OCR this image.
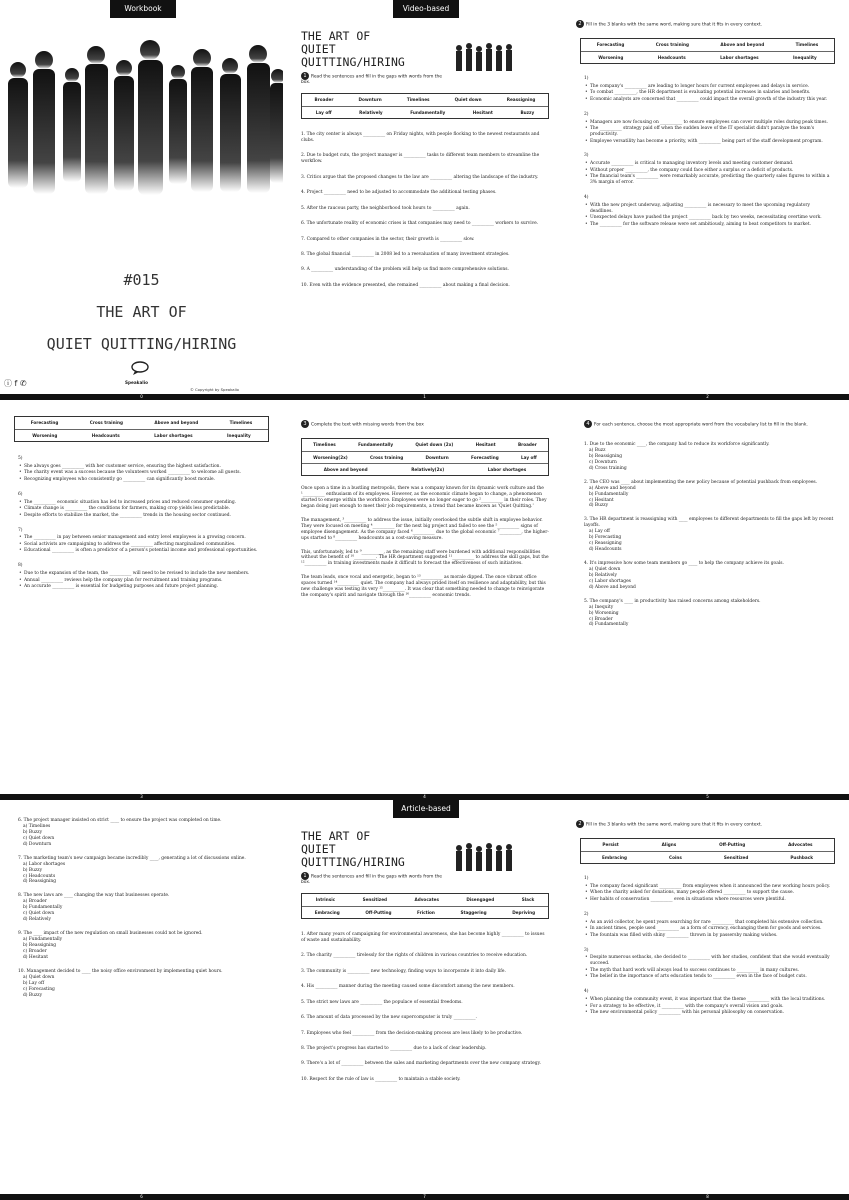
Workbook
#015
THE ART OF
QUIET QUITTING/HIRING
Speakalio
© Copyright by Speakalio
ⓘ f ✆
0
Video-based
THE ART OF QUIET QUITTING/HIRING
1 Read the sentences and fill in the gaps with words from the box.
Broader	Downturn	Timelines	Quiet down	Reassigning
Lay off	Relatively	Fundamentally	Hesitant	Buzzy

1. The city center is always __________ on Friday nights, with people flocking to the newest restaurants and clubs.

2. Due to budget cuts, the project manager is __________ tasks to different team members to streamline the workflow.

3. Critics argue that the proposed changes to the law are __________ altering the landscape of the industry.

4. Project __________ need to be adjusted to accommodate the additional testing phases.

5. After the raucous party, the neighborhood took hours to __________ again.

6. The unfortunate reality of economic crises is that companies may need to __________ workers to survive.

7. Compared to other companies in the sector, their growth is __________ slow.

8. The global financial __________ in 2008 led to a reevaluation of many investment strategies.

9. A __________ understanding of the problem will help us find more comprehensive solutions.

10. Even with the evidence presented, she remained __________ about making a final decision.

1
2 Fill in the 3 blanks with the same word, making sure that it fits in every context.
Forecasting	Cross training	Above and beyond	Timelines
Worsening	Headcounts	Labor shortages	Inequality
1)
• The company's __________ are leading to longer hours for current employees and delays in service.
• To combat __________, the HR department is evaluating potential increases in salaries and benefits.
• Economic analysts are concerned that __________ could impact the overall growth of the industry this year.
2)
• Managers are now focusing on __________ to ensure employees can cover multiple roles during peak times.
• The __________ strategy paid off when the sudden leave of the IT specialist didn't paralyze the team's productivity.
• Employee versatility has become a priority, with __________ being part of the staff development program.
3)
• Accurate __________ is critical to managing inventory levels and meeting customer demand.
• Without proper __________, the company could face either a surplus or a deficit of products.
• The financial team's __________ were remarkably accurate, predicting the quarterly sales figures to within a 3% margin of error.
4)
• With the new project underway, adjusting __________ is necessary to meet the upcoming regulatory deadlines.
• Unexpected delays have pushed the project __________ back by two weeks, necessitating overtime work.
• The __________ for the software release were set ambitiously, aiming to beat competitors to market.
2
Forecasting	Cross training	Above and beyond	Timelines
Worsening	Headcounts	Labor shortages	Inequality
5)
• She always goes __________ with her customer service, ensuring the highest satisfaction.
• The charity event was a success because the volunteers worked __________ to welcome all guests.
• Recognizing employees who consistently go __________ can significantly boost morale.
6)
• The __________ economic situation has led to increased prices and reduced consumer spending.
• Climate change is __________ the conditions for farmers, making crop yields less predictable.
• Despite efforts to stabilize the market, the __________ trends in the housing sector continued.
7)
• The __________ in pay between senior management and entry level employees is a growing concern.
• Social activists are campaigning to address the __________ affecting marginalized communities.
• Educational __________ is often a predictor of a person's potential income and professional opportunities.
8)
• Due to the expansion of the team, the __________ will need to be revised to include the new members.
• Annual __________ reviews help the company plan for recruitment and training programs.
• An accurate __________ is essential for budgeting purposes and future project planning.
3
3 Complete the text with missing words from the box
Timelines	Fundamentally	Quiet down (2x)	Hesitant	Broader
Worsening(2x)	Cross training	Downturn	Forecasting	Lay off
Above and beyond	Relatively(2x)	Labor shortages

Once upon a time in a bustling metropolis, there was a company known for its dynamic work culture and the ¹__________ enthusiasm of its employees. However, as the economic climate began to change, a phenomenon started to emerge within the workforce. Employees were no longer eager to go ²__________ in their roles. They began doing just enough to meet their job requirements, a trend that became known as 'Quiet Quitting.'

The management, ³__________ to address the issue, initially overlooked the subtle shift in employee behavior. They were focused on meeting ⁴__________ for the next big project and failed to see the ⁵__________ signs of employee disengagement. As the company faced ⁶__________ due to the global economic ⁷__________, the higher-ups started to ⁸__________ headcounts as a cost-saving measure.

This, unfortunately, led to ⁹__________, as the remaining staff were burdened with additional responsibilities without the benefit of ¹⁰__________. The HR department suggested ¹¹__________ to address the skill gaps, but the ¹²__________ in training investments made it difficult to forecast the effectiveness of such initiatives.

The team leads, once vocal and energetic, began to ¹³__________ as morale dipped. The once vibrant office spaces turned ¹⁴__________ quiet. The company had always prided itself on resilience and adaptability, but this new challenge was testing its very ¹⁵__________. It was clear that something needed to change to reinvigorate the company's spirit and navigate through the ¹⁶__________ economic trends.

4
4 For each sentence, choose the most appropriate word from the vocabulary list to fill in the blank.
1. Due to the economic ____, the company had to reduce its workforce significantly.
a) Buzz
b) Reassigning
c) Downturn
d) Cross training
2. The CEO was ____ about implementing the new policy because of potential pushback from employees.
a) Above and beyond
b) Fundamentally
c) Hesitant
d) Buzzy
3. The HR department is reassigning with ____ employees to different departments to fill the gaps left by recent layoffs.
a) Lay off
b) Forecasting
c) Reassigning
d) Headcounts
4. It's impressive how some team members go ____ to help the company achieve its goals.
a) Quiet down
b) Relatively
c) Labor shortages
d) Above and beyond
5. The company's ____ in productivity has raised concerns among stakeholders.
a) Inequity
b) Worsening
c) Broader
d) Fundamentally
5
6. The project manager insisted on strict ____ to ensure the project was completed on time.
a) Timelines
b) Buzzy
c) Quiet down
d) Downturn
7. The marketing team's new campaign became incredibly ____, generating a lot of discussions online.
a) Labor shortages
b) Buzzy
c) Headcounts
d) Reassigning
8. The new laws are ____ changing the way that businesses operate.
a) Broader
b) Fundamentally
c) Quiet down
d) Relatively
9. The ____ impact of the new regulation on small businesses could not be ignored.
a) Fundamentally
b) Reassigning
c) Broader
d) Hesitant
10. Management decided to ____ the noisy office environment by implementing quiet hours.
a) Quiet down
b) Lay off
c) Forecasting
d) Buzzy
6
Article-based
THE ART OF QUIET QUITTING/HIRING
1 Read the sentences and fill in the gaps with words from the box.
Intrinsic	Sensitized	Advocates	Disengaged	Slack
Embracing	Off-Putting	Friction	Staggering	Depriving

1. After many years of campaigning for environmental awareness, she has become highly __________ to issues of waste and sustainability.

2. The charity __________ tirelessly for the rights of children in various countries to receive education.

3. The community is __________ new technology, finding ways to incorporate it into daily life.

4. His __________ manner during the meeting caused some discomfort among the new members.

5. The strict new laws are __________ the populace of essential freedoms.

6. The amount of data processed by the new supercomputer is truly __________.

7. Employees who feel __________ from the decision-making process are less likely to be productive.

8. The project's progress has started to __________ due to a lack of clear leadership.

9. There's a lot of __________ between the sales and marketing departments over the new company strategy.

10. Respect for the rule of law is __________ to maintain a stable society.

7
2 Fill in the 3 blanks with the same word, making sure that it fits in every context.
Persist	Aligns	Off-Putting	Advocates
Embracing	Coins	Sensitized	Pushback
1)
• The company faced significant __________ from employees when it announced the new working hours policy.
• When the charity asked for donations, many people offered __________ to support the cause.
• Her habits of conservation __________ even in situations where resources were plentiful.
2)
• As an avid collector, he spent years searching for rare __________ that completed his extensive collection.
• In ancient times, people used __________ as a form of currency, exchanging them for goods and services.
• The fountain was filled with shiny __________ thrown in by passersby making wishes.
3)
• Despite numerous setbacks, she decided to __________ with her studies, confident that she would eventually succeed.
• The myth that hard work will always lead to success continues to __________ in many cultures.
• The belief in the importance of arts education tends to __________ even in the face of budget cuts.
4)
• When planning the community event, it was important that the theme __________ with the local traditions.
• For a strategy to be effective, it __________ with the company's overall vision and goals.
• The new environmental policy __________ with his personal philosophy on conservation.
8
